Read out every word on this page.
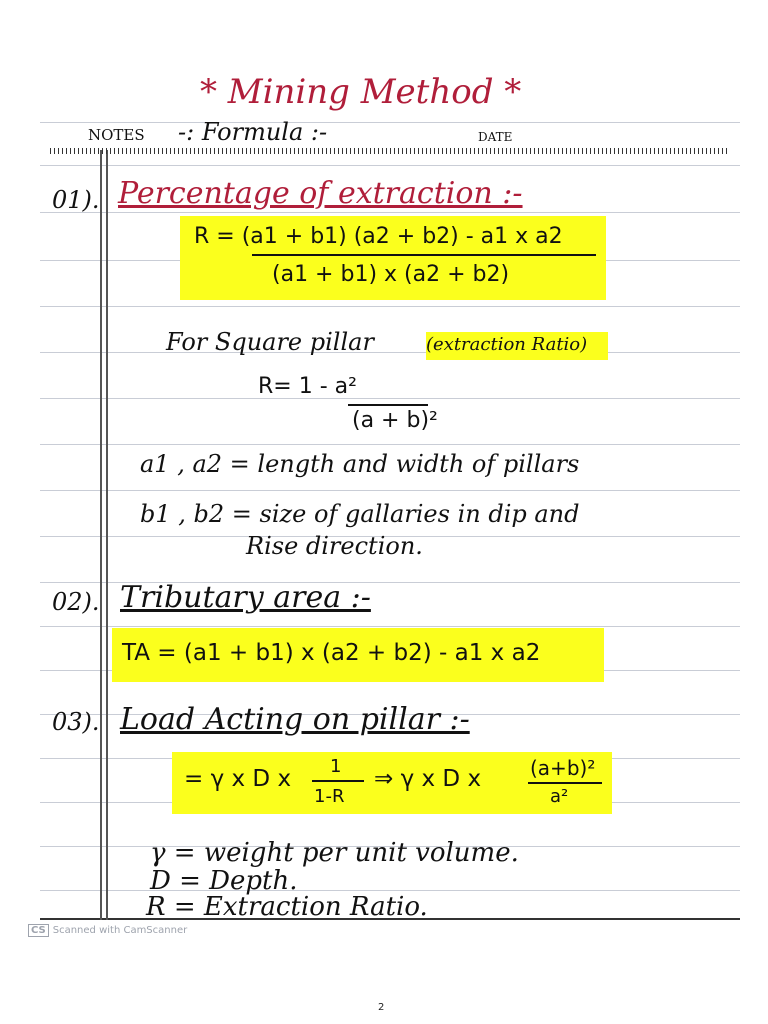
* Mining Method *
NOTES -: Formula :-	DATE
01). Percentage of extraction :-
R = (a1 + b1) (a2 + b2) - a1 x a2
(a1 + b1) x (a2 + b2)
For Square pillar	(extraction Ratio)
R= 1 - a²
(a + b)²
a1 , a2 = length and width of pillars
b1 , b2 = size of gallaries in dip and
Rise direction.
02). Tributary area :-
TA = (a1 + b1) x (a2 + b2) - a1 x a2
03). Load Acting on pillar :-
= γ x D x 1
1-R
⇒ γ x D x (a+b)²
a²
γ = weight per unit volume.
D = Depth.
R = Extraction Ratio.
CS Scanned with CamScanner
2
